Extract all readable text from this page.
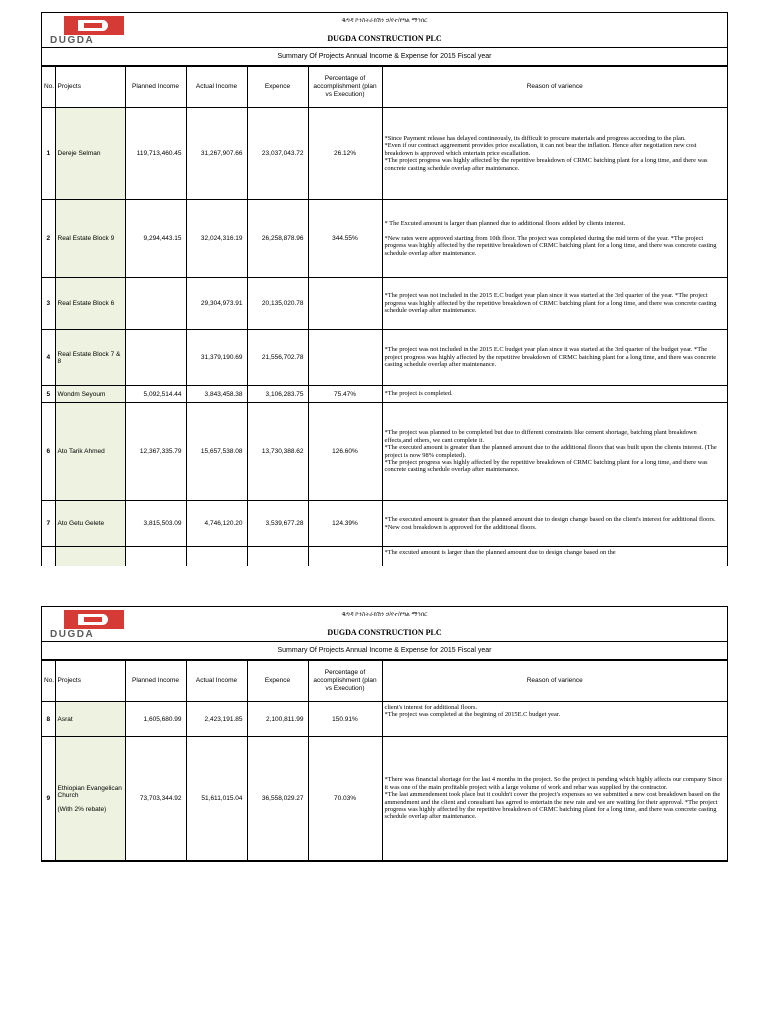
DUGDA
ዱግዳ ኮንስትራክሽን ኃ/የተ/የግል ማኅበር
DUGDA CONSTRUCTION PLC
Summary Of Projects Annual Income & Expense for 2015 Fiscal year
No.	Projects	Planned Income	Actual Income	Expence	Percentage of accomplishment (plan vs Execution)	Reason of varience
1	Dereje Selman	119,713,460.45	31,267,907.66	23,037,043.72	26.12%	*Since Payment release has delayed contineously, its difficult to procure materials and progress according to the plan.
*Even if our contract aggreement provides price escallation, it can not bear the inflation. Hence after negotiation new cost breakdown is approved which entertain price escallation.
*The project progress was highly affected by the repetitive breakdown of CRMC batching plant for a long time, and there was concrete casting schedule overlap after maintenance.
2	Real Estate Block 9	9,294,443.15	32,024,316.19	26,258,878.96	344.55%	* The Excuted amount is larger than planned due to additional floors added by clients interest.

*New rates were approved starting from 10th floor. The project was completed during the mid term of the year. *The project progress was highly affected by the repetitive breakdown of CRMC batching plant for a long time, and there was concrete casting schedule overlap after maintenance.
3	Real Estate Block 6		29,304,973.91	20,135,020.78		*The project was not included in the 2015 E.C budget year plan since it was started at the 3rd quarter of the year. *The project progress was highly affected by the repetitive breakdown of CRMC batching plant for a long time, and there was concrete casting schedule overlap after maintenance.
4	Real Estate Block 7 & 8		31,379,190.69	21,556,702.78		*The project was not included in the 2015 E.C budget year plan since it was started at the 3rd quarter of the budget year. *The project progress was highly affected by the repetitive breakdown of CRMC batching plant for a long time, and there was concrete casting schedule overlap after maintenance.
5	Wondm Seyoum	5,092,514.44	3,843,458.38	3,106,283.75	75.47%	*The project is completed.
6	Ato Tarik Ahmed	12,367,335.79	15,657,538.08	13,730,388.62	126.60%	*The project was planned to be completed but due to different constraints like cement shortage, batching plant breakdown effects,and others, we cant complete it.
*The executed amount is greater than the planned amount due to the additional floors that was built upon the clients interest. (The project is now 98% completed).
*The project progress was highly affected by the repetitive breakdown of CRMC batching plant for a long time, and there was concrete casting schedule overlap after maintenance.
7	Ato Getu Gelete	3,815,503.09	4,746,120.20	3,539,677.28	124.39%	*The executed amount is greater than the planned amount due to design change based on the client's interest for additional floors.
*New cost breakdown is approved for the additional floors.
						*The excuted amount is larger than the planned amount due to design change based on the
DUGDA
ዱግዳ ኮንስትራክሽን ኃ/የተ/የግል ማኅበር
DUGDA CONSTRUCTION PLC
Summary Of Projects Annual Income & Expense for 2015 Fiscal year
No.	Projects	Planned Income	Actual Income	Expence	Percentage of accomplishment (plan vs Execution)	Reason of varience
8	Asrat	1,605,680.99	2,423,191.85	2,100,811.99	150.91%	client's interest for additional floors.
*The project was completed at the begining of 2015E.C budget year.
9	Ethiopian Evangelican Church

(With 2% rebate)	73,703,344.92	51,611,015.04	36,558,029.27	70.03%	*There was financial shortage for the last 4 months in the project. So the project is pending which highly affects our company Since it was one of the main profitable project with a large volume of work and rebar was supplied by the contractor.
*The last ammendement took place but it couldn't cover the project's expenses so we submitted a new cost breakdown based on the ammendment and the client and consultant has agrred to entertain the new rate and we are waiting for their approval. *The project progress was highly affected by the repetitive breakdown of CRMC batching plant for a long time, and there was concrete casting schedule overlap after maintenance.
